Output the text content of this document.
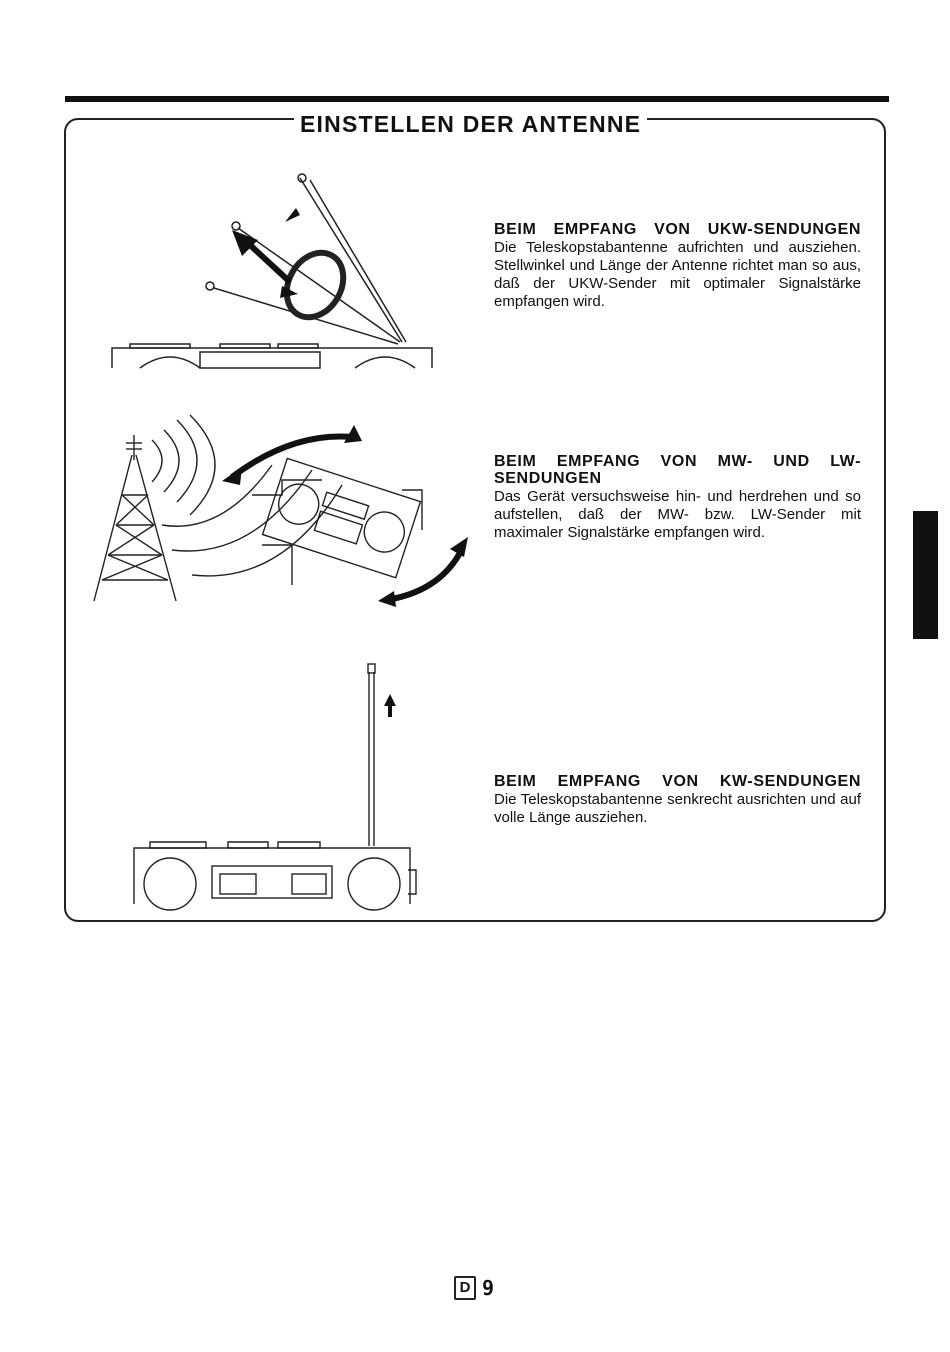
EINSTELLEN DER ANTENNE
BEIM EMPFANG VON UKW-SENDUNGEN

Die Teleskopstabantenne aufrichten und ausziehen. Stellwinkel und Länge der Antenne richtet man so aus, daß der UKW-Sender mit optimaler Signalstärke empfangen wird.

BEIM EMPFANG VON MW- UND LW-
SENDUNGEN

Das Gerät versuchsweise hin- und herdrehen und so aufstellen, daß der MW- bzw. LW-Sender mit maximaler Signalstärke empfangen wird.

BEIM EMPFANG VON KW-SENDUNGEN

Die Teleskopstabantenne senkrecht ausrichten und auf volle Länge ausziehen.

D 9
